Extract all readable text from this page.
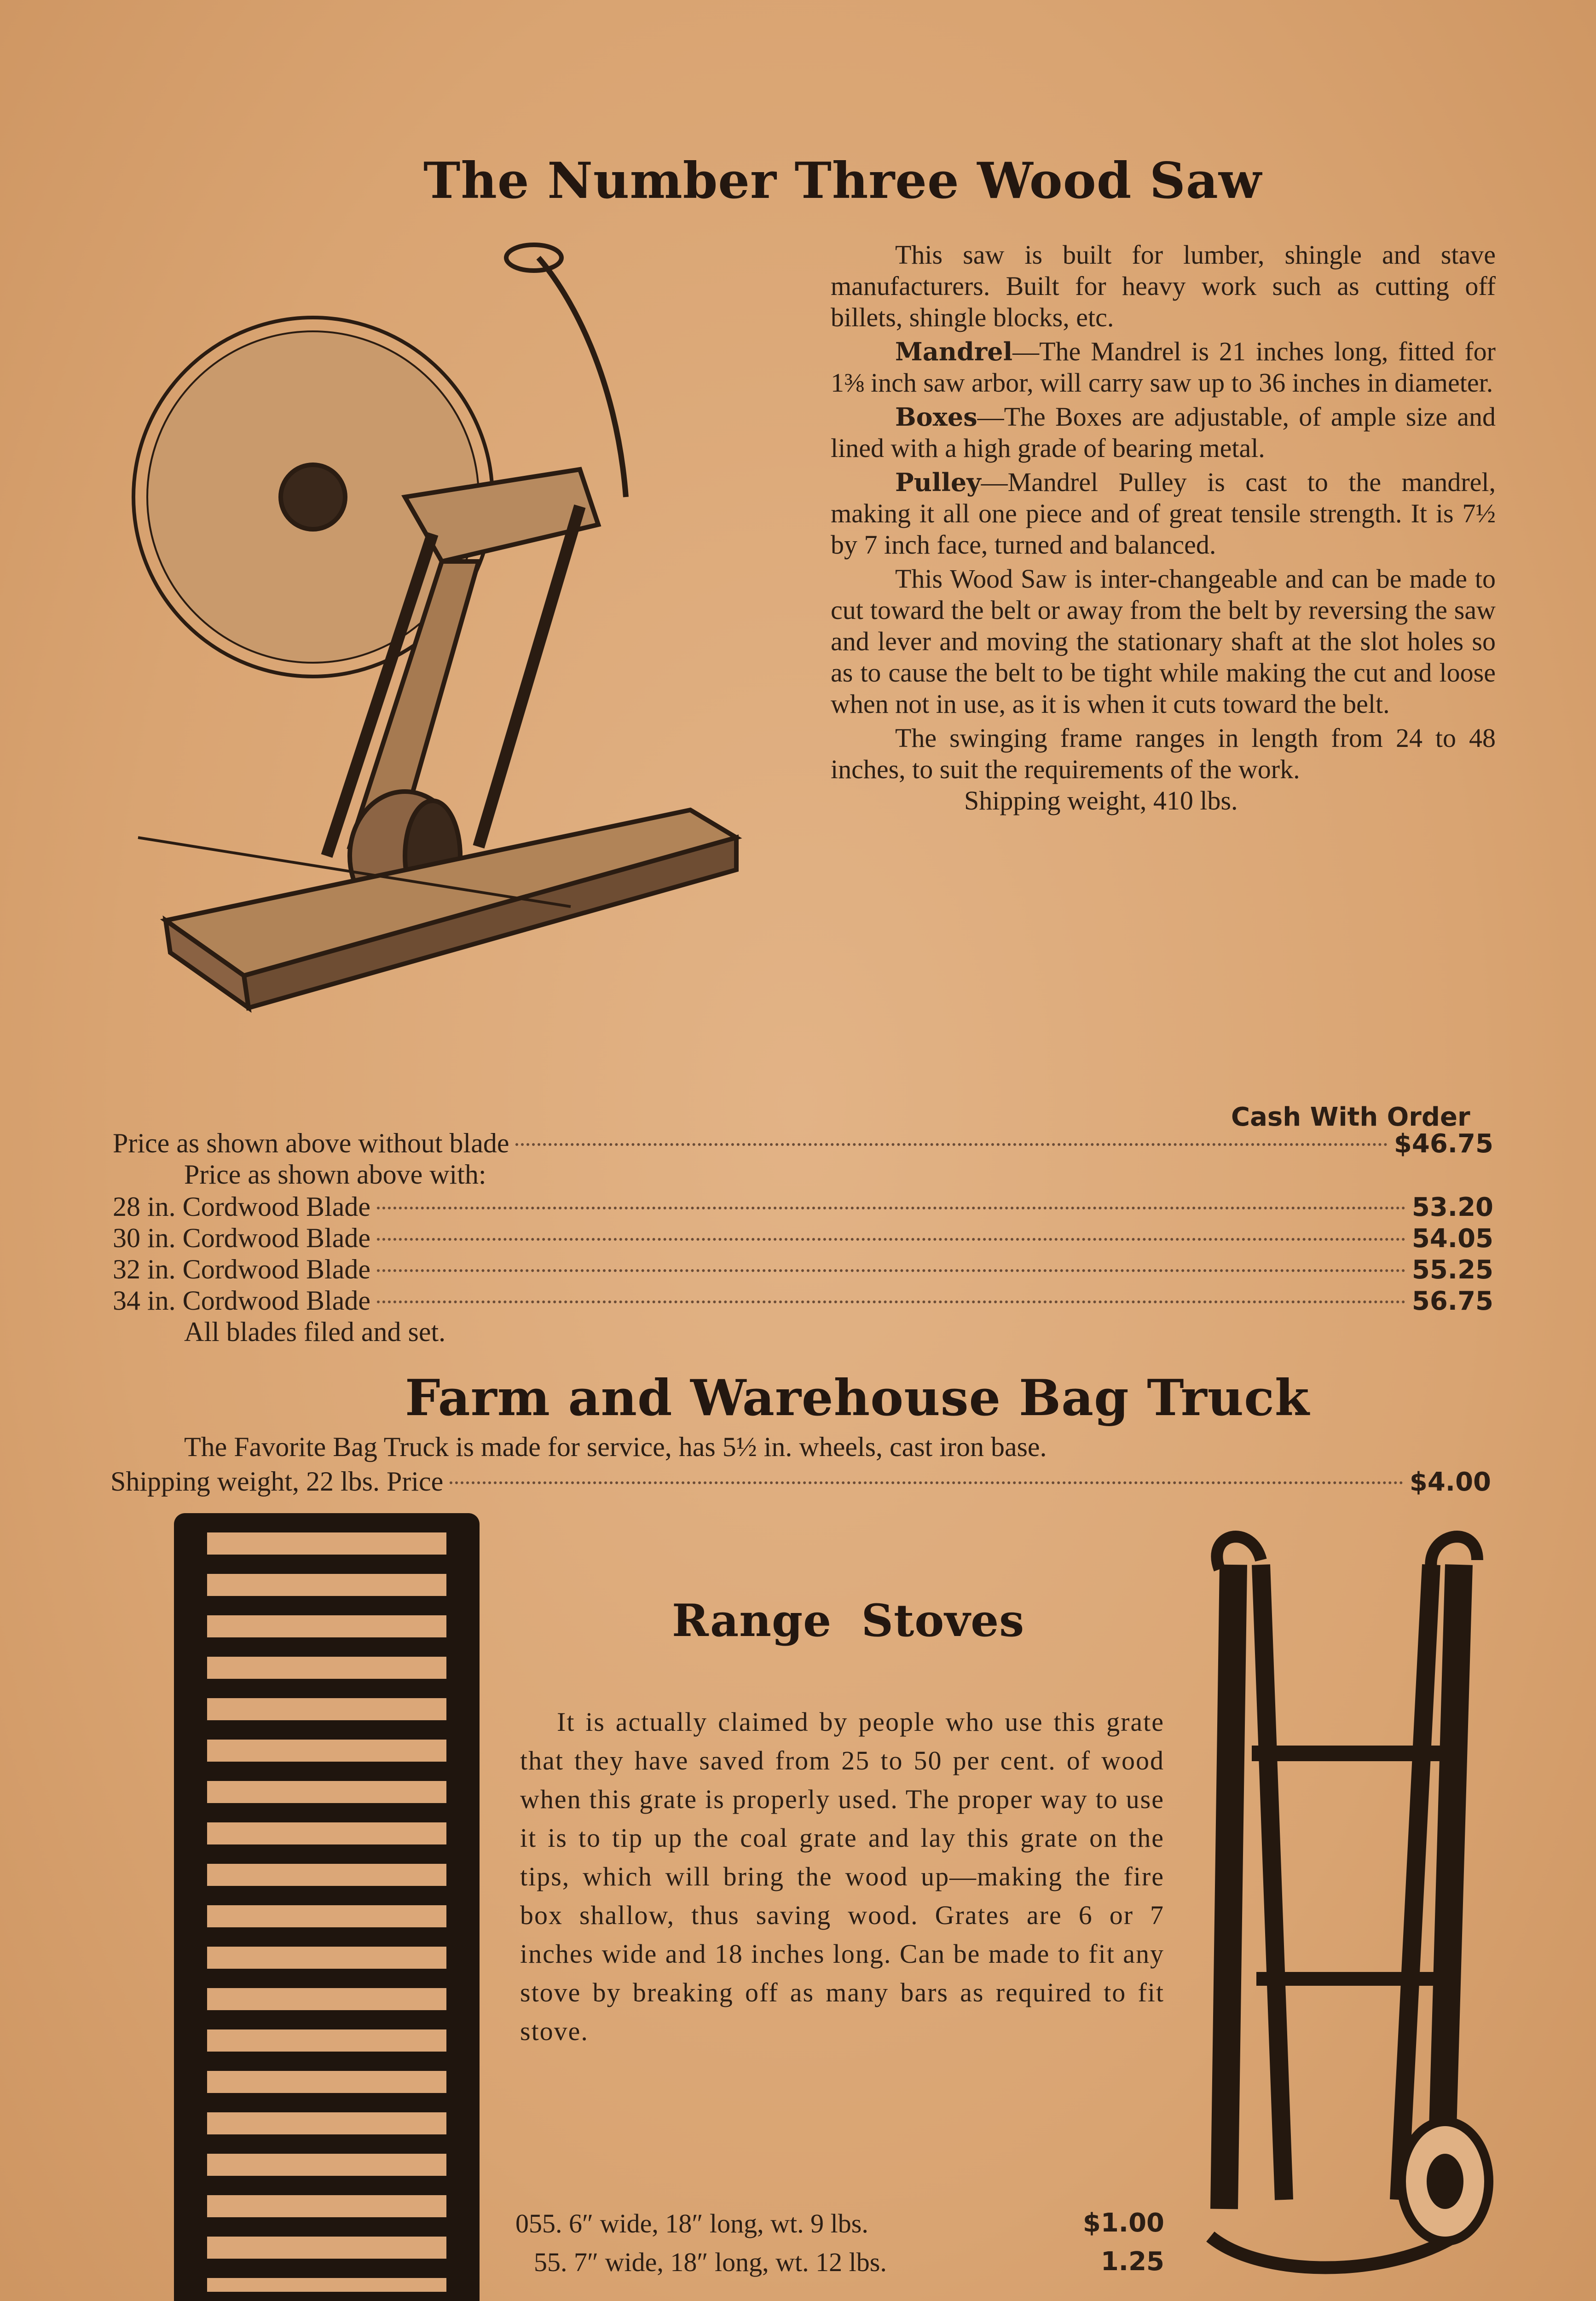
The Number Three Wood Saw

This saw is built for lumber, shingle and stave manufacturers. Built for heavy work such as cutting off billets, shingle blocks, etc.

Mandrel—The Mandrel is 21 inches long, fitted for 1⅜ inch saw arbor, will carry saw up to 36 inches in diameter.

Boxes—The Boxes are adjustable, of ample size and lined with a high grade of bearing metal.

Pulley—Mandrel Pulley is cast to the mandrel, making it all one piece and of great tensile strength. It is 7½ by 7 inch face, turned and balanced.

This Wood Saw is inter-changeable and can be made to cut toward the belt or away from the belt by reversing the saw and lever and moving the stationary shaft at the slot holes so as to cause the belt to be tight while making the cut and loose when not in use, as it is when it cuts toward the belt.

The swinging frame ranges in length from 24 to 48 inches, to suit the requirements of the work.

Shipping weight, 410 lbs.

Cash With Order
Price as shown above without blade	$46.75
Price as shown above with:
28 in. Cordwood Blade	53.20
30 in. Cordwood Blade	54.05
32 in. Cordwood Blade	55.25
34 in. Cordwood Blade	56.75
All blades filed and set.
Farm and Warehouse Bag Truck
The Favorite Bag Truck is made for service, has 5½ in. wheels, cast iron base.
Shipping weight, 22 lbs. Price	$4.00
Range Stoves

It is actually claimed by people who use this grate that they have saved from 25 to 50 per cent. of wood when this grate is properly used. The proper way to use it is to tip up the coal grate and lay this grate on the tips, which will bring the wood up—making the fire box shallow, thus saving wood. Grates are 6 or 7 inches wide and 18 inches long. Can be made to fit any stove by breaking off as many bars as required to fit stove.

055. 6″ wide, 18″ long, wt. 9 lbs.	$1.00
55. 7″ wide, 18″ long, wt. 12 lbs.	1.25
